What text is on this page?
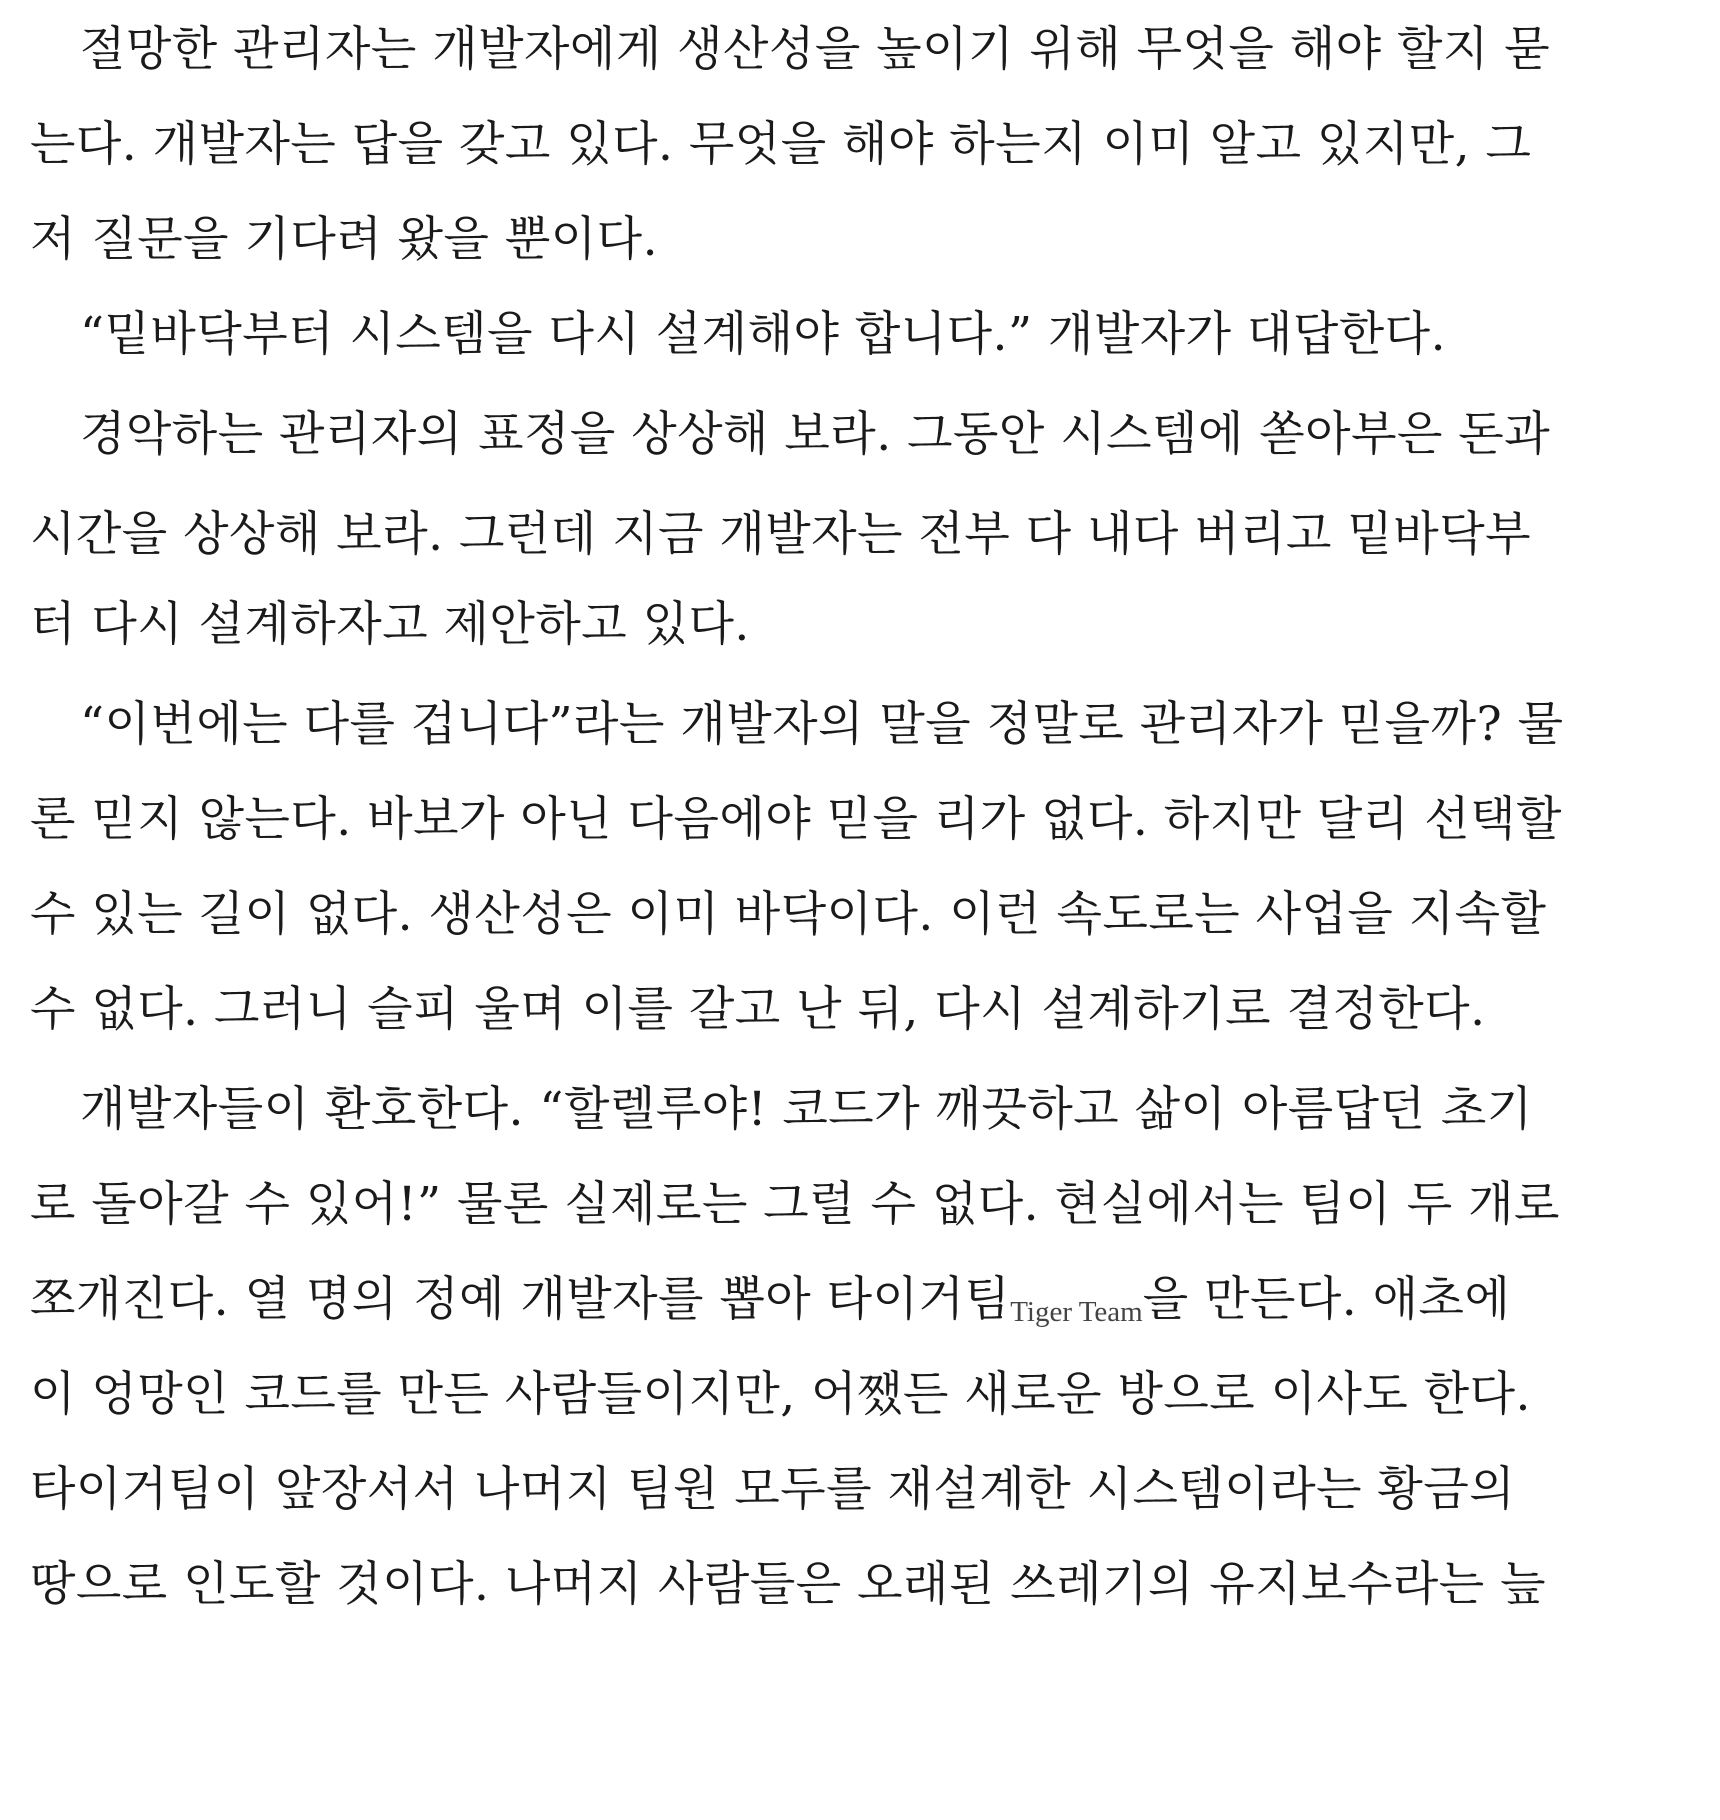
절망한 관리자는 개발자에게 생산성을 높이기 위해 무엇을 해야 할지 묻
는다. 개발자는 답을 갖고 있다. 무엇을 해야 하는지 이미 알고 있지만, 그
저 질문을 기다려 왔을 뿐이다.
“밑바닥부터 시스템을 다시 설계해야 합니다.” 개발자가 대답한다.
경악하는 관리자의 표정을 상상해 보라. 그동안 시스템에 쏟아부은 돈과
시간을 상상해 보라. 그런데 지금 개발자는 전부 다 내다 버리고 밑바닥부
터 다시 설계하자고 제안하고 있다.
“이번에는 다를 겁니다”라는 개발자의 말을 정말로 관리자가 믿을까? 물
론 믿지 않는다. 바보가 아닌 다음에야 믿을 리가 없다. 하지만 달리 선택할
수 있는 길이 없다. 생산성은 이미 바닥이다. 이런 속도로는 사업을 지속할
수 없다. 그러니 슬피 울며 이를 갈고 난 뒤, 다시 설계하기로 결정한다.
개발자들이 환호한다. “할렐루야! 코드가 깨끗하고 삶이 아름답던 초기
로 돌아갈 수 있어!” 물론 실제로는 그럴 수 없다. 현실에서는 팀이 두 개로
쪼개진다. 열 명의 정예 개발자를 뽑아 타이거팀Tiger Team을 만든다. 애초에
이 엉망인 코드를 만든 사람들이지만, 어쨌든 새로운 방으로 이사도 한다.
타이거팀이 앞장서서 나머지 팀원 모두를 재설계한 시스템이라는 황금의
땅으로 인도할 것이다. 나머지 사람들은 오래된 쓰레기의 유지보수라는 늪
